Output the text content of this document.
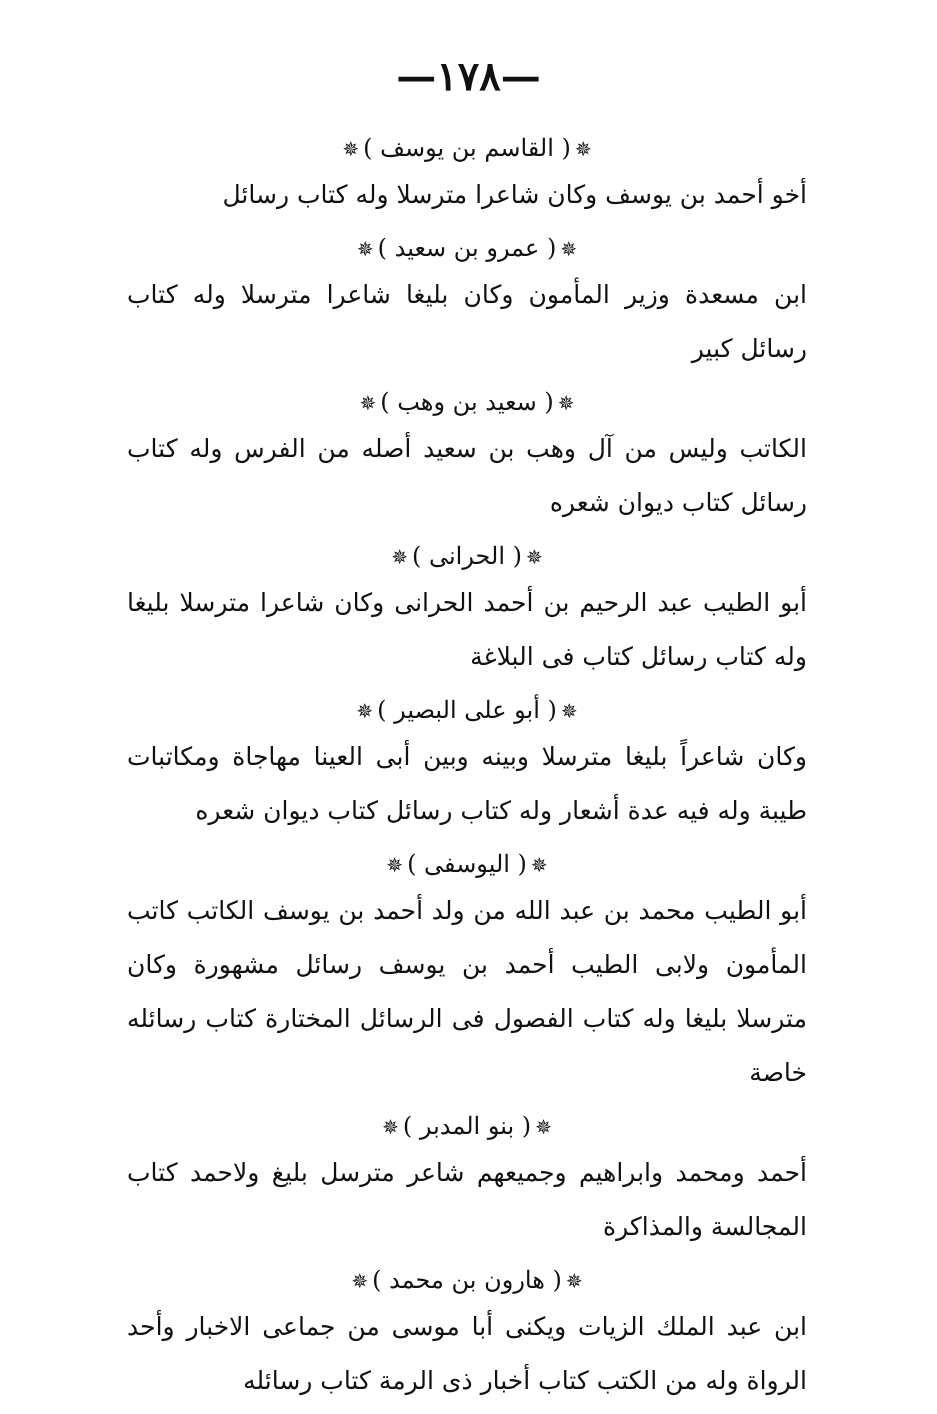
—١٧٨—
✵( القاسم بن يوسف )✵

أخو أحمد بن يوسف وكان شاعرا مترسلا وله كتاب رسائل

✵( عمرو بن سعيد )✵

ابن مسعدة وزير المأمون وكان بليغا شاعرا مترسلا وله كتاب رسائل كبير

✵( سعيد بن وهب )✵

الكاتب وليس من آل وهب بن سعيد أصله من الفرس وله كتاب رسائل كتاب ديوان شعره

✵( الحرانى )✵

أبو الطيب عبد الرحيم بن أحمد الحرانى وكان شاعرا مترسلا بليغا وله كتاب رسائل كتاب فى البلاغة

✵( أبو على البصير )✵

وكان شاعراً بليغا مترسلا وبينه وبين أبى العينا مهاجاة ومكاتبات طيبة وله فيه عدة أشعار وله كتاب رسائل كتاب ديوان شعره

✵( اليوسفى )✵

أبو الطيب محمد بن عبد الله من ولد أحمد بن يوسف الكاتب كاتب المأمون ولابى الطيب أحمد بن يوسف رسائل مشهورة وكان مترسلا بليغا وله كتاب الفصول فى الرسائل المختارة كتاب رسائله خاصة

✵( بنو المدبر )✵

أحمد ومحمد وابراهيم وجميعهم شاعر مترسل بليغ ولاحمد كتاب المجالسة والمذاكرة

✵( هارون بن محمد )✵

ابن عبد الملك الزيات ويكنى أبا موسى من جماعى الاخبار وأحد الرواة وله من الكتب كتاب أخبار ذى الرمة كتاب رسائله
